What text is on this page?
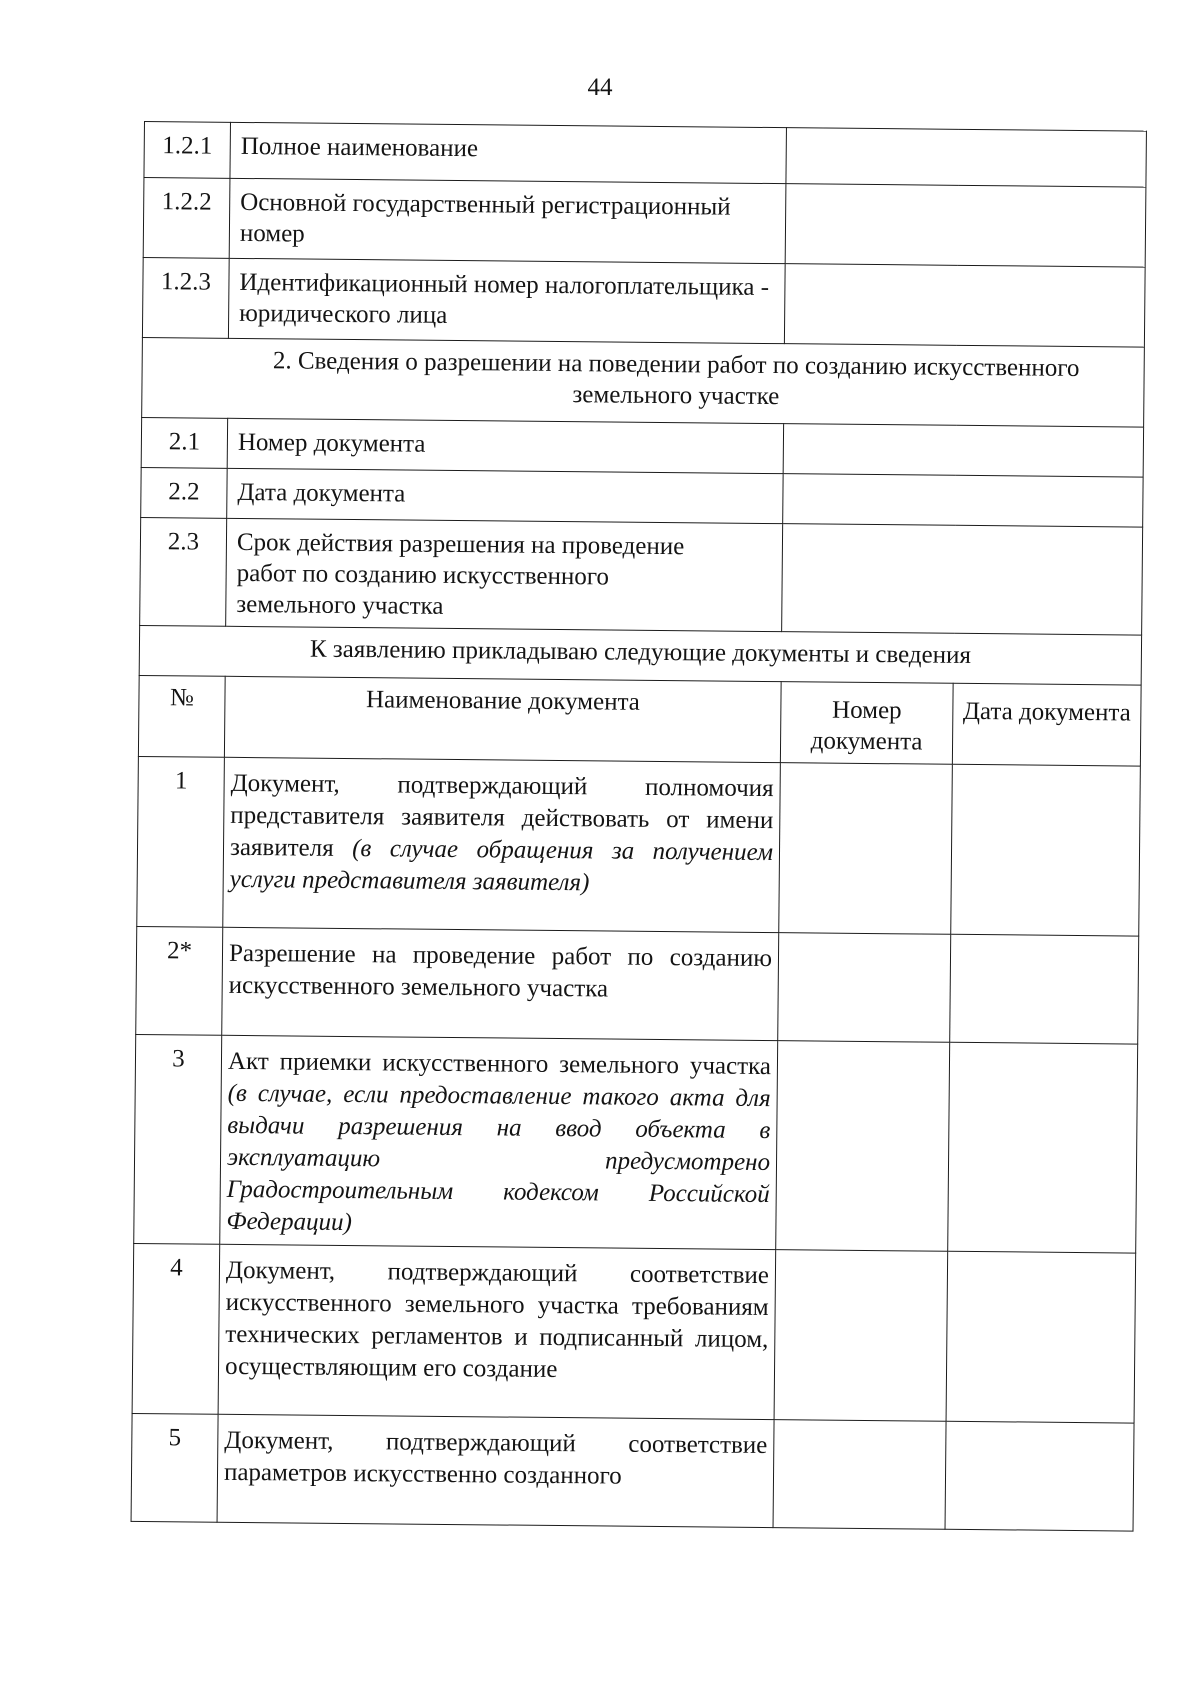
44
1.2.1	Полное наименование		
1.2.2	Основной государственный регистрационный номер		
1.2.3	Идентификационный номер налогоплательщика - юридического лица		
2. Сведения о разрешении на поведении работ по созданию искусственного земельного участке			
2.1	Номер документа		
2.2	Дата документа		
2.3	Срок действия разрешения на проведение работ по созданию искусственного земельного участка		
К заявлению прикладываю следующие документы и сведения			
№	Наименование документа	Номер документа	Дата документа
1	Документ, подтверждающий полномочия представителя заявителя действовать от имени заявителя (в случае обращения за получением услуги представителя заявителя)		
2*	Разрешение на проведение работ по созданию искусственного земельного участка		
3	Акт приемки искусственного земельного участка (в случае, если предоставление такого акта для выдачи разрешения на ввод объекта в эксплуатацию предусмотрено Градостроительным кодексом Российской Федерации)		
4	Документ, подтверждающий соответствие искусственного земельного участка требованиям технических регламентов и подписанный лицом, осуществляющим его создание		
5	Документ, подтверждающий соответствие параметров искусственно созданного		
